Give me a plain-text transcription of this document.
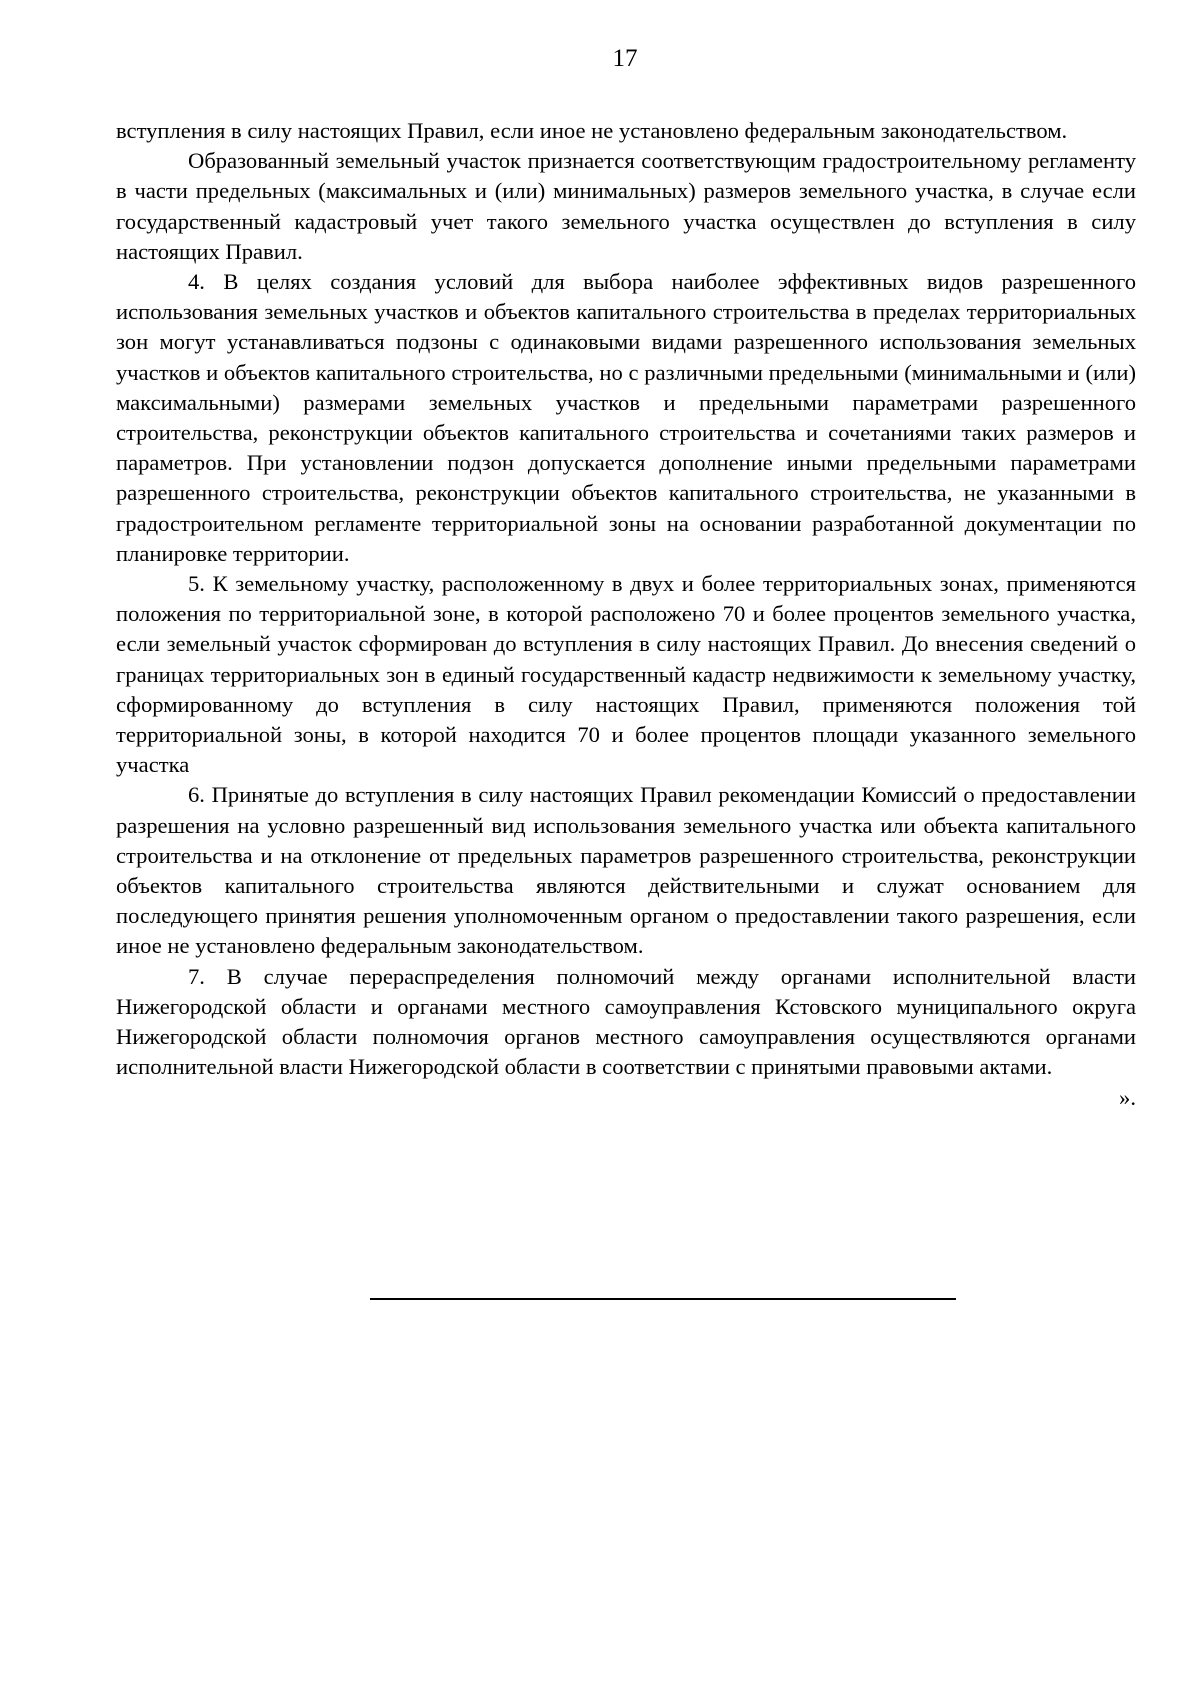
17

вступления в силу настоящих Правил, если иное не установлено федеральным законодательством.

Образованный земельный участок признается соответствующим градостроительному регламенту в части предельных (максимальных и (или) минимальных) размеров земельного участка, в случае если государственный кадастровый учет такого земельного участка осуществлен до вступления в силу настоящих Правил.

4. В целях создания условий для выбора наиболее эффективных видов разрешенного использования земельных участков и объектов капитального строительства в пределах территориальных зон могут устанавливаться подзоны с одинаковыми видами разрешенного использования земельных участков и объектов капитального строительства, но с различными предельными (минимальными и (или) максимальными) размерами земельных участков и предельными параметрами разрешенного строительства, реконструкции объектов капитального строительства и сочетаниями таких размеров и параметров. При установлении подзон допускается дополнение иными предельными параметрами разрешенного строительства, реконструкции объектов капитального строительства, не указанными в градостроительном регламенте территориальной зоны на основании разработанной документации по планировке территории.

5. К земельному участку, расположенному в двух и более территориальных зонах, применяются положения по территориальной зоне, в которой расположено 70 и более процентов земельного участка, если земельный участок сформирован до вступления в силу настоящих Правил. До внесения сведений о границах территориальных зон в единый государственный кадастр недвижимости к земельному участку, сформированному до вступления в силу настоящих Правил, применяются положения той территориальной зоны, в которой находится 70 и более процентов площади указанного земельного участка

6. Принятые до вступления в силу настоящих Правил рекомендации Комиссий о предоставлении разрешения на условно разрешенный вид использования земельного участка или объекта капитального строительства и на отклонение от предельных параметров разрешенного строительства, реконструкции объектов капитального строительства являются действительными и служат основанием для последующего принятия решения уполномоченным органом о предоставлении такого разрешения, если иное не установлено федеральным законодательством.

7. В случае перераспределения полномочий между органами исполнительной власти Нижегородской области и органами местного самоуправления Кстовского муниципального округа Нижегородской области полномочия органов местного самоуправления осуществляются органами исполнительной власти Нижегородской области в соответствии с принятыми правовыми актами.

».
